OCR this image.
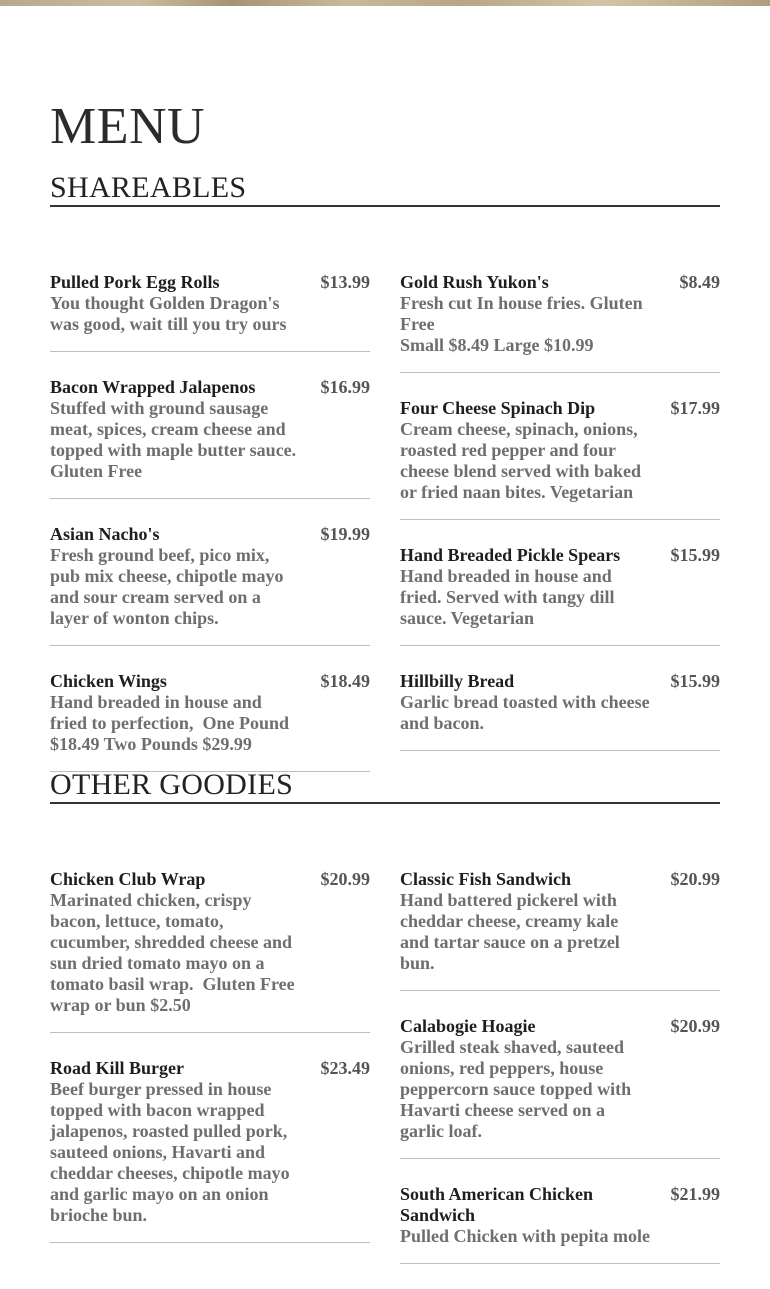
MENU
SHAREABLES
Pulled Pork Egg Rolls	$13.99
You thought Golden Dragon's was good, wait till you try ours
Bacon Wrapped Jalapenos	$16.99
Stuffed with ground sausage meat, spices, cream cheese and topped with maple butter sauce. Gluten Free
Asian Nacho's	$19.99
Fresh ground beef, pico mix, pub mix cheese, chipotle mayo and sour cream served on a layer of wonton chips.
Chicken Wings	$18.49
Hand breaded in house and fried to perfection,  One Pound  $18.49 Two Pounds $29.99
Gold Rush Yukon's	$8.49
Fresh cut In house fries. Gluten Free
Small $8.49 Large $10.99
Four Cheese Spinach Dip	$17.99
Cream cheese, spinach, onions, roasted red pepper and four cheese blend served with baked or fried naan bites. Vegetarian
Hand Breaded Pickle Spears	$15.99
Hand breaded in house and fried. Served with tangy dill sauce. Vegetarian
Hillbilly Bread	$15.99
Garlic bread toasted with cheese and bacon.
OTHER GOODIES
Chicken Club Wrap	$20.99
Marinated chicken, crispy bacon, lettuce, tomato, cucumber, shredded cheese and sun dried tomato mayo on a tomato basil wrap.  Gluten Free wrap or bun $2.50
Road Kill Burger	$23.49
Beef burger pressed in house topped with bacon wrapped jalapenos, roasted pulled pork, sauteed onions, Havarti and cheddar cheeses, chipotle mayo and garlic mayo on an onion brioche bun.
Classic Fish Sandwich	$20.99
Hand battered pickerel with cheddar cheese, creamy kale and tartar sauce on a pretzel bun.
Calabogie Hoagie	$20.99
Grilled steak shaved, sauteed onions, red peppers, house peppercorn sauce topped with Havarti cheese served on a garlic loaf.
South American Chicken Sandwich
$21.99
Pulled Chicken with pepita mole
